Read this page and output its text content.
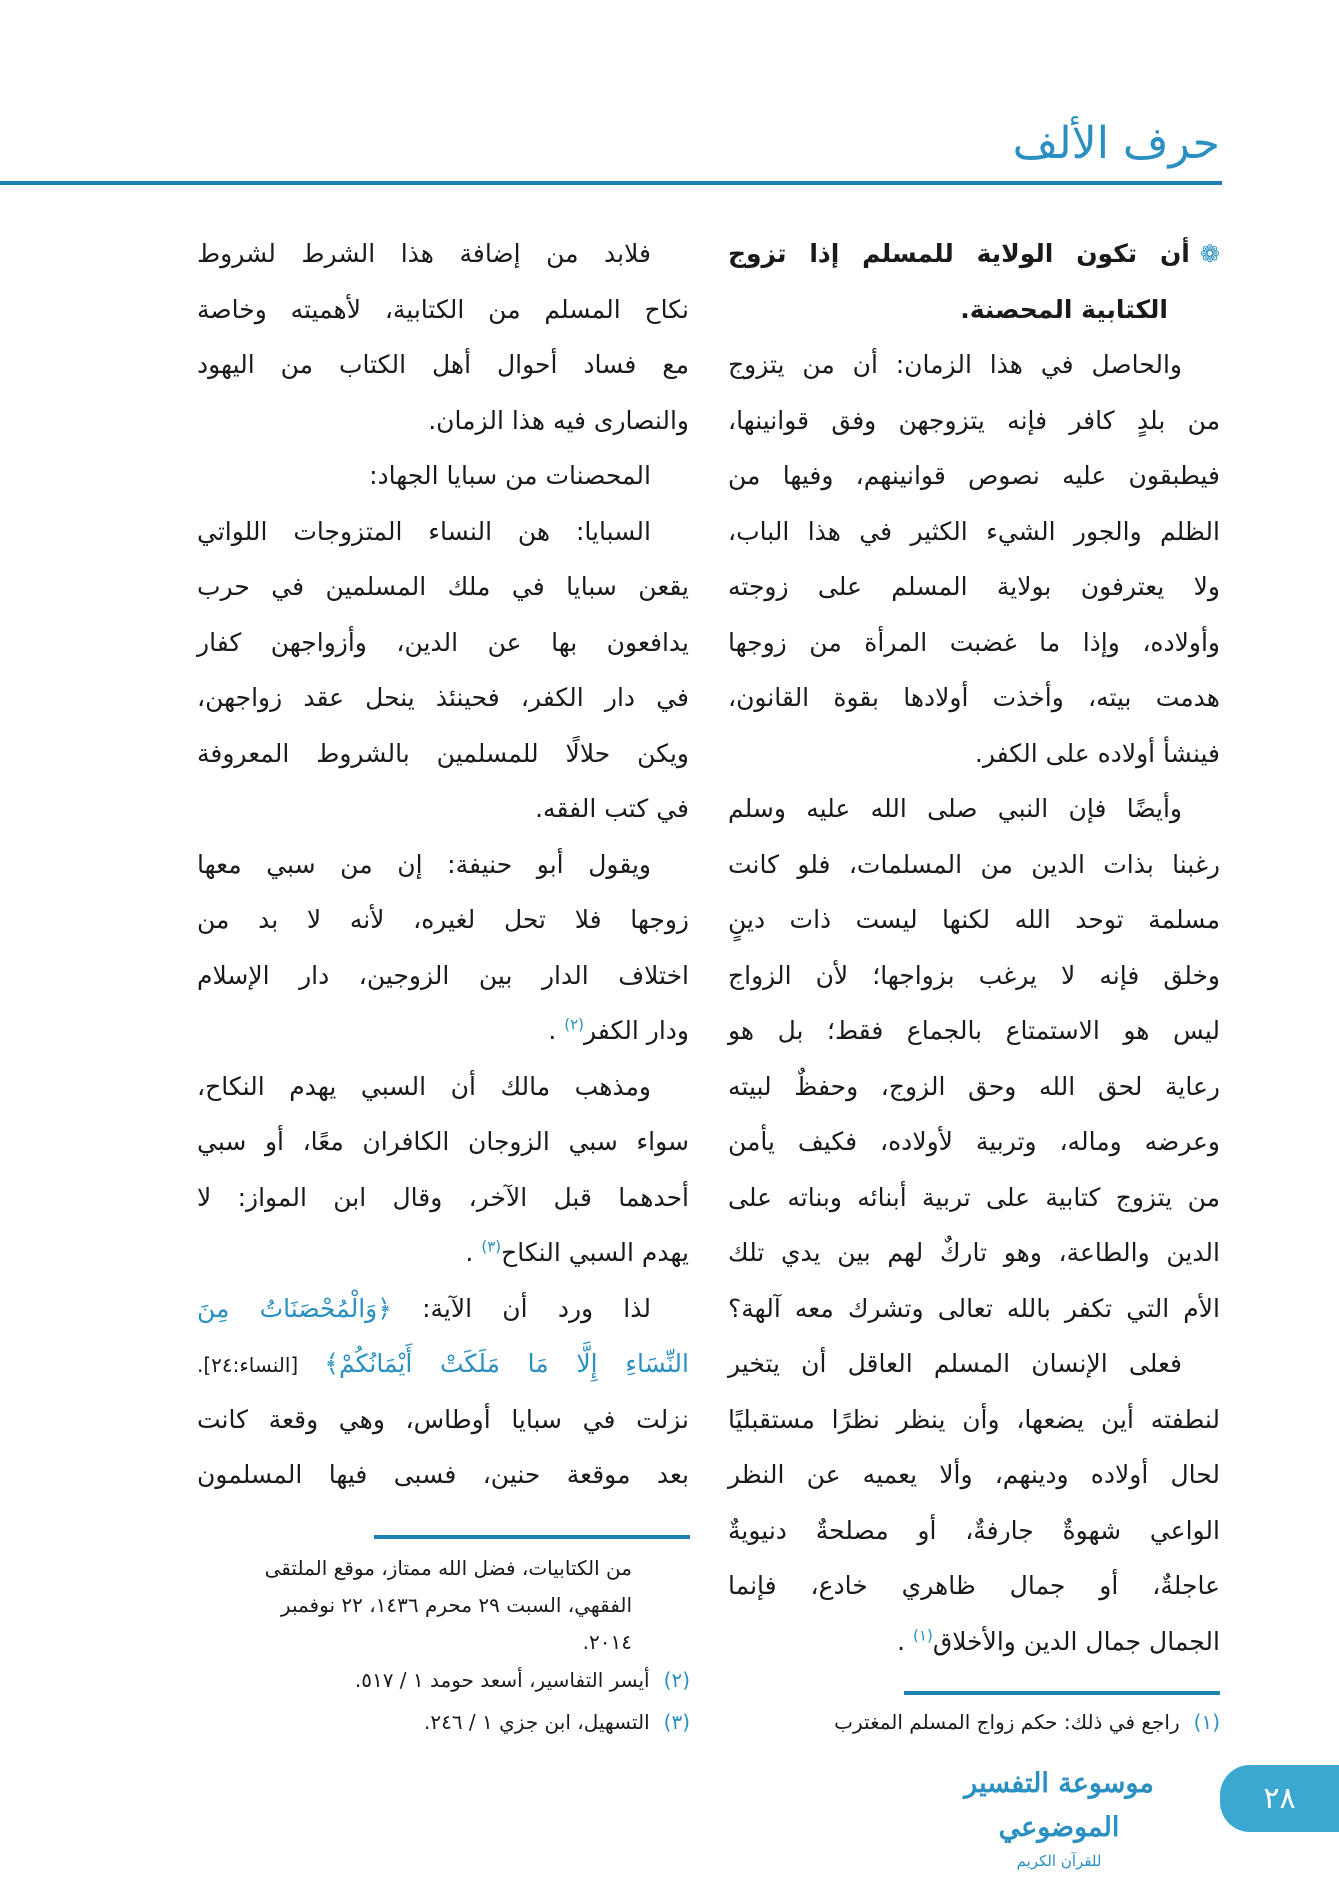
حرف الألف
❁أن تكون الولاية للمسلم إذا تزوج
الكتابية المحصنة.
والحاصل في هذا الزمان: أن من يتزوج
من بلدٍ كافر فإنه يتزوجهن وفق قوانينها،
فيطبقون عليه نصوص قوانينهم، وفيها من
الظلم والجور الشيء الكثير في هذا الباب،
ولا يعترفون بولاية المسلم على زوجته
وأولاده، وإذا ما غضبت المرأة من زوجها
هدمت بيته، وأخذت أولادها بقوة القانون،
فينشأ أولاده على الكفر.
وأيضًا فإن النبي صلى الله عليه وسلم
رغبنا بذات الدين من المسلمات، فلو كانت
مسلمة توحد الله لكنها ليست ذات دينٍ
وخلق فإنه لا يرغب بزواجها؛ لأن الزواج
ليس هو الاستمتاع بالجماع فقط؛ بل هو
رعاية لحق الله وحق الزوج، وحفظٌ لبيته
وعرضه وماله، وتربية لأولاده، فكيف يأمن
من يتزوج كتابية على تربية أبنائه وبناته على
الدين والطاعة، وهو تاركٌ لهم بين يدي تلك
الأم التي تكفر بالله تعالى وتشرك معه آلهة؟
فعلى الإنسان المسلم العاقل أن يتخير
لنطفته أين يضعها، وأن ينظر نظرًا مستقبليًا
لحال أولاده ودينهم، وألا يعميه عن النظر
الواعي شهوةٌ جارفةٌ، أو مصلحةٌ دنيويةٌ
عاجلةٌ، أو جمال ظاهري خادع، فإنما
الجمال جمال الدين والأخلاق$^{(١)}$ .
فلابد من إضافة هذا الشرط لشروط
نكاح المسلم من الكتابية، لأهميته وخاصة
مع فساد أحوال أهل الكتاب من اليهود
والنصارى فيه هذا الزمان.
المحصنات من سبايا الجهاد:
السبايا: هن النساء المتزوجات اللواتي
يقعن سبايا في ملك المسلمين في حرب
يدافعون بها عن الدين، وأزواجهن كفار
في دار الكفر، فحينئذ ينحل عقد زواجهن،
ويكن حلالًا للمسلمين بالشروط المعروفة
في كتب الفقه.
ويقول أبو حنيفة: إن من سبي معها
زوجها فلا تحل لغيره، لأنه لا بد من
اختلاف الدار بين الزوجين، دار الإسلام
ودار الكفر$^{(٢)}$ .
ومذهب مالك أن السبي يهدم النكاح،
سواء سبي الزوجان الكافران معًا، أو سبي
أحدهما قبل الآخر، وقال ابن المواز: لا
يهدم السبي النكاح$^{(٣)}$ .
لذا ورد أن الآية: ﴿وَالْمُحْصَنَاتُ مِنَ
النِّسَاءِ إِلَّا مَا مَلَكَتْ أَيْمَانُكُمْ﴾ [النساء:٢٤].
نزلت في سبايا أوطاس، وهي وقعة كانت
بعد موقعة حنين، فسبى فيها المسلمون
(١)راجع في ذلك: حكم زواج المسلم المغترب
من الكتابيات، فضل الله ممتاز، موقع الملتقى
الفقهي، السبت ٢٩ محرم ١٤٣٦، ٢٢ نوفمبر
٢٠١٤.
(٢)أيسر التفاسير، أسعد حومد ١ / ٥١٧.
(٣)التسهيل، ابن جزي ١ / ٢٤٦.
موسوعة التفسير الموضوعي
للقرآن الكريم
٢٨
